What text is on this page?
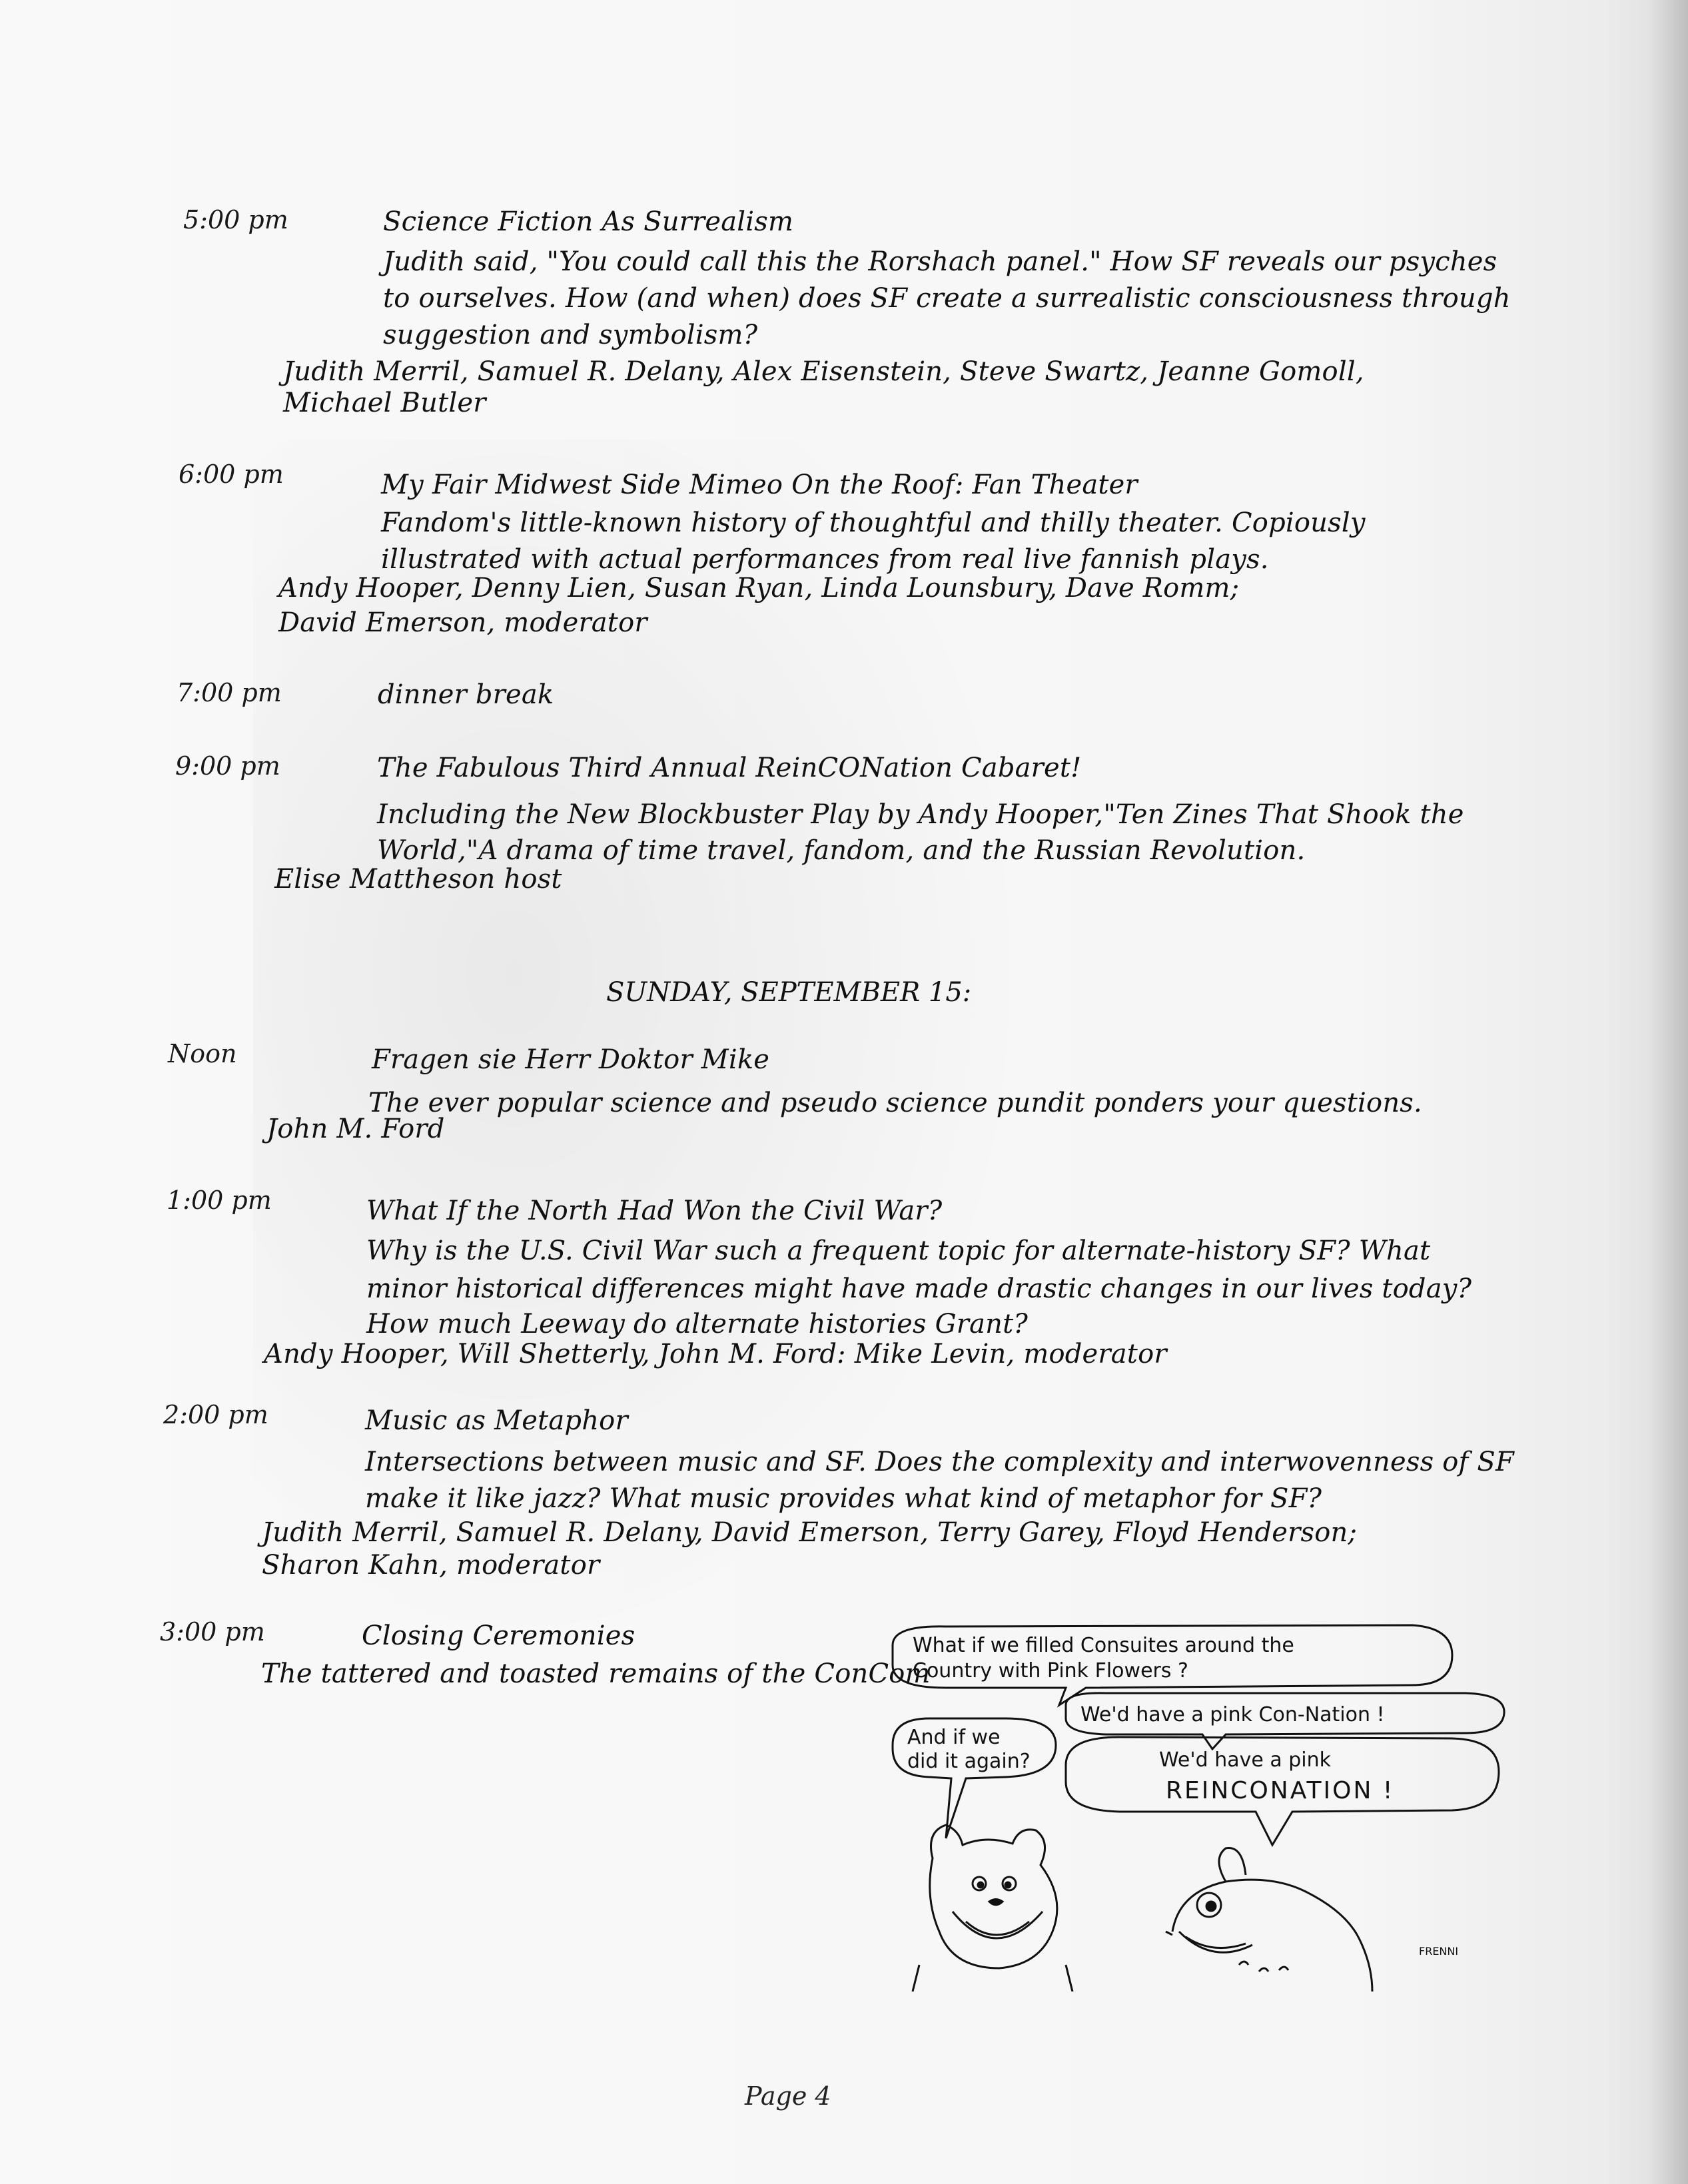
5:00 pm	Science Fiction As Surrealism
Judith said, "You could call this the Rorshach panel." How SF reveals our psyches
to ourselves. How (and when) does SF create a surrealistic consciousness through
suggestion and symbolism?
Judith Merril, Samuel R. Delany, Alex Eisenstein, Steve Swartz, Jeanne Gomoll,
Michael Butler
6:00 pm	My Fair Midwest Side Mimeo On the Roof: Fan Theater
Fandom's little-known history of thoughtful and thilly theater. Copiously
illustrated with actual performances from real live fannish plays.
Andy Hooper, Denny Lien, Susan Ryan, Linda Lounsbury, Dave Romm;
David Emerson, moderator
7:00 pm	dinner break
9:00 pm	The Fabulous Third Annual ReinCONation Cabaret!
Including the New Blockbuster Play by Andy Hooper,"Ten Zines That Shook the
World,"A drama of time travel, fandom, and the Russian Revolution.
Elise Mattheson host
SUNDAY, SEPTEMBER 15:
Noon	Fragen sie Herr Doktor Mike
The ever popular science and pseudo science pundit ponders your questions.
John M. Ford
1:00 pm	What If the North Had Won the Civil War?
Why is the U.S. Civil War such a frequent topic for alternate-history SF? What
minor historical differences might have made drastic changes in our lives today?
How much Leeway do alternate histories Grant?
Andy Hooper, Will Shetterly, John M. Ford: Mike Levin, moderator
2:00 pm	Music as Metaphor
Intersections between music and SF. Does the complexity and interwovenness of SF
make it like jazz? What music provides what kind of metaphor for SF?
Judith Merril, Samuel R. Delany, David Emerson, Terry Garey, Floyd Henderson;
Sharon Kahn, moderator
3:00 pm	Closing Ceremonies
The tattered and toasted remains of the ConCom
What if we filled Consuites around the
Country with Pink Flowers ?
We'd have a pink Con-Nation !
And if we
did it again?	We'd have a pink
REINCONATION !
FRENNI
Page 4
